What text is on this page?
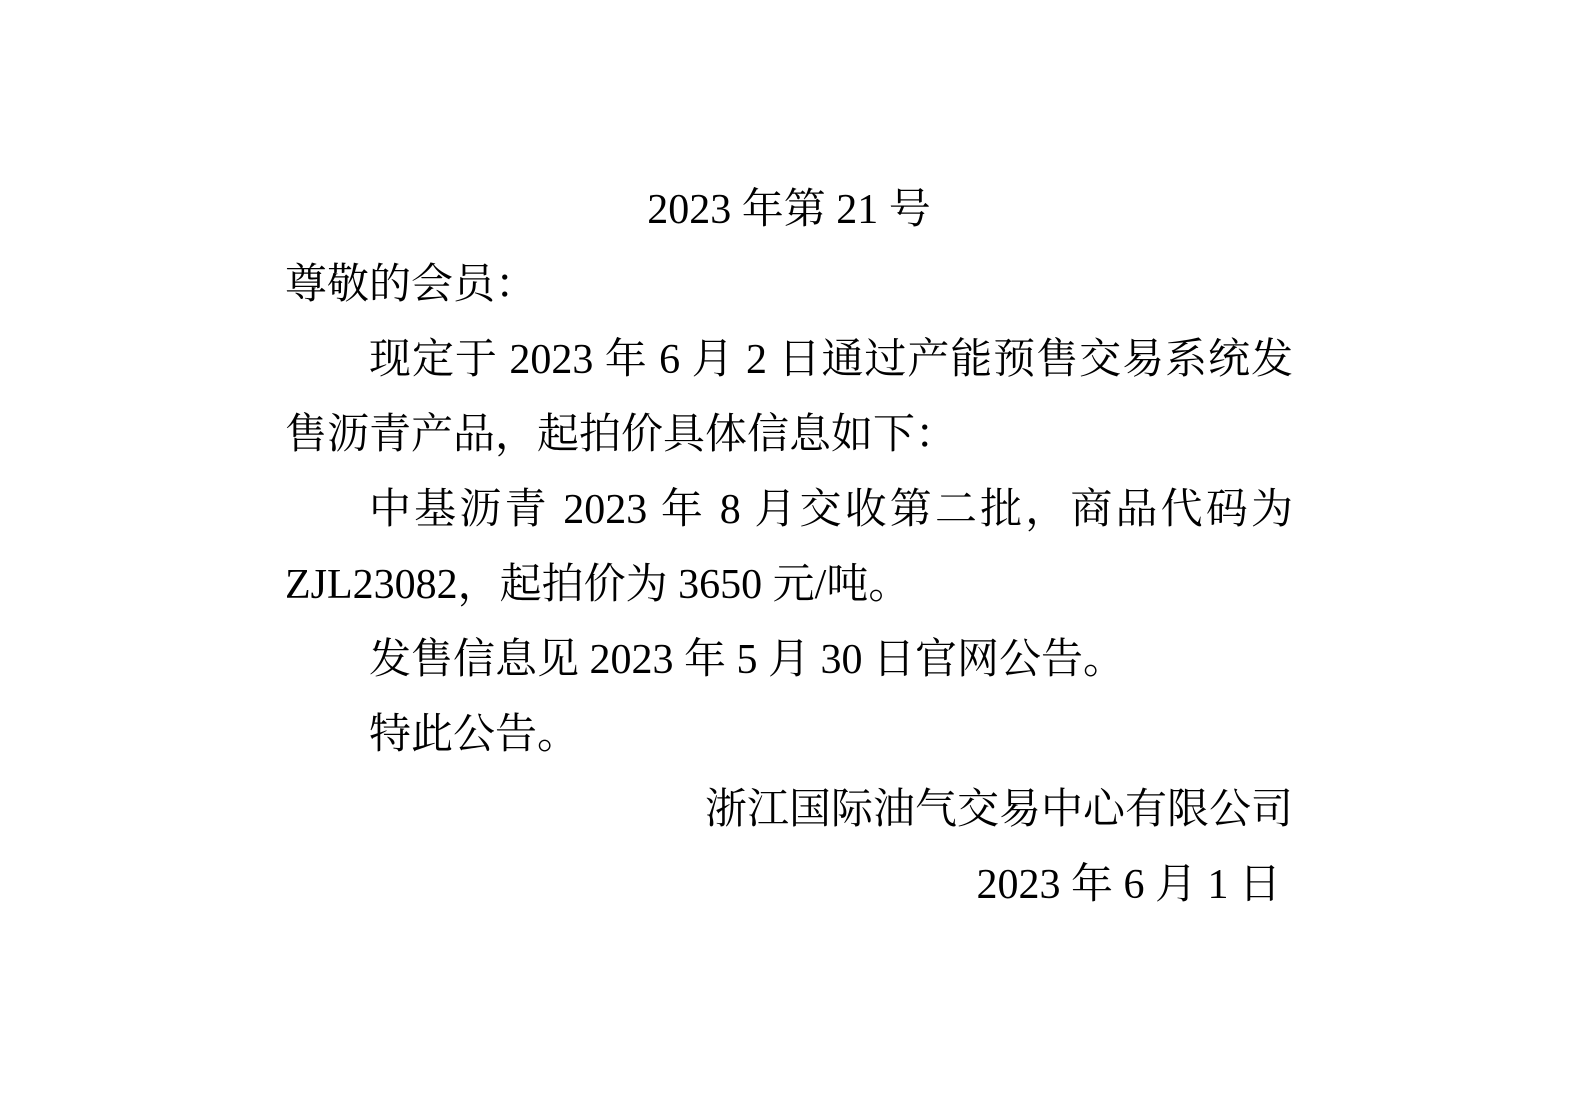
2023 年第 21 号
尊敬的会员：
现定于 2023 年 6 月 2 日通过产能预售交易系统发
售沥青产品，起拍价具体信息如下：
中基沥青 2023 年 8 月交收第二批，商品代码为
ZJL23082，起拍价为 3650 元/吨。
发售信息见 2023 年 5 月 30 日官网公告。
特此公告。
浙江国际油气交易中心有限公司
2023 年 6 月 1 日
